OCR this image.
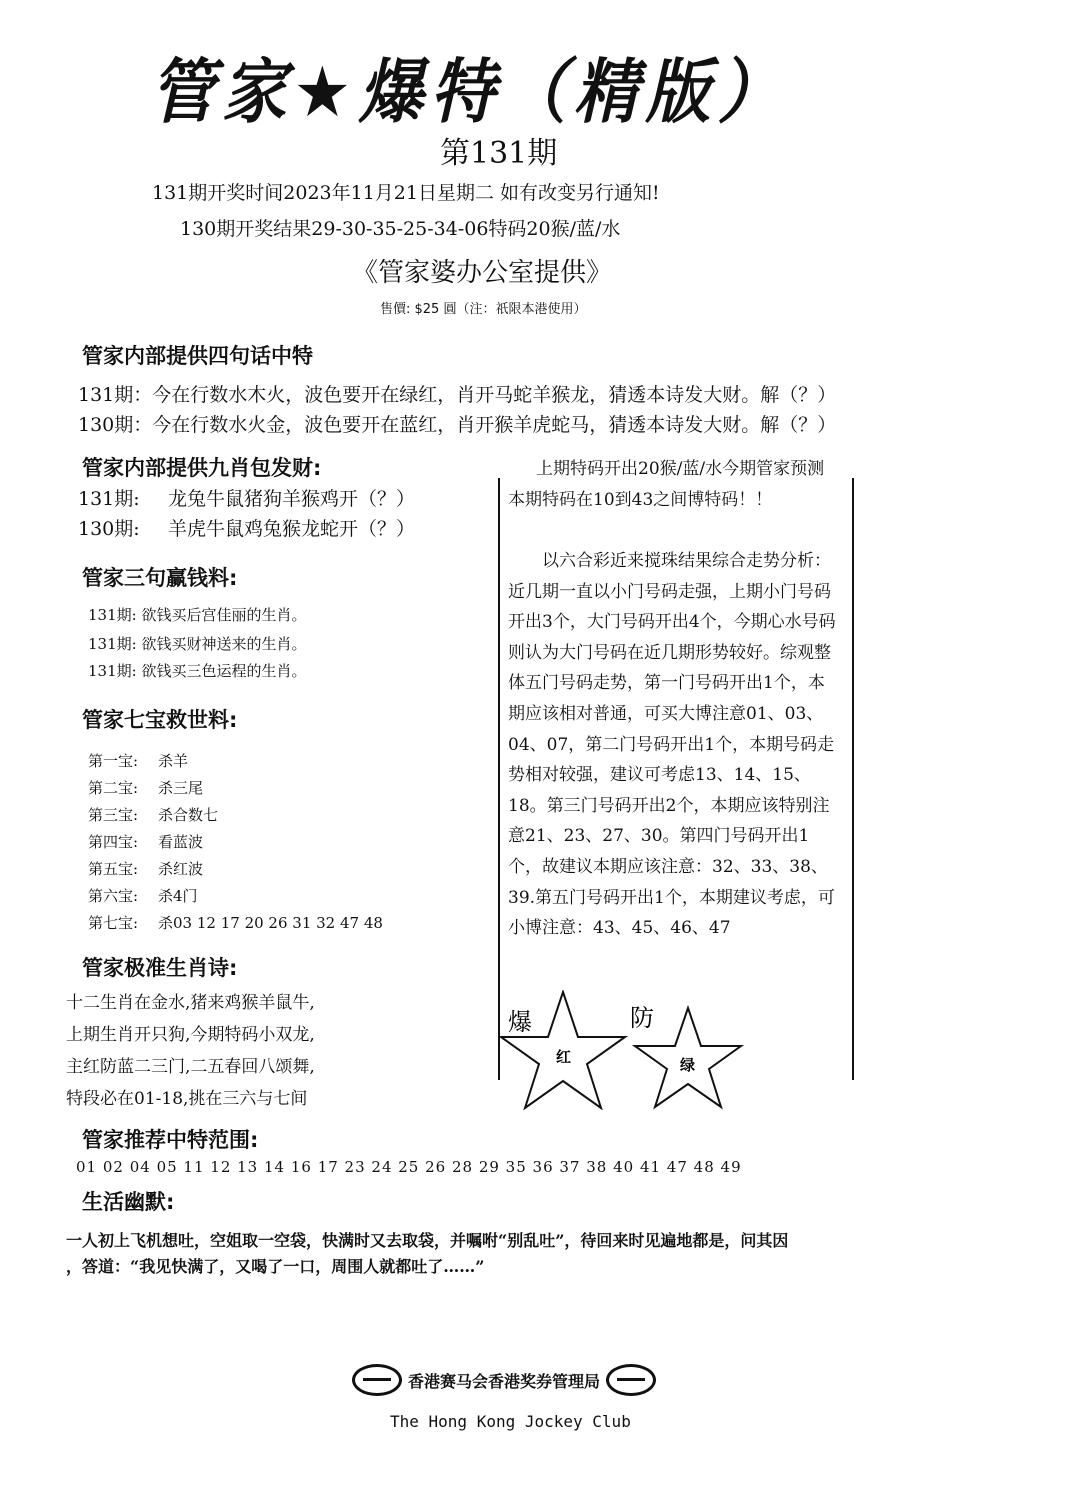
管家★爆特（精版）
第131期
131期开奖时间2023年11月21日星期二 如有改变另行通知!
130期开奖结果29-30-35-25-34-06特码20猴/蓝/水
《管家婆办公室提供》
售價: $25 圓（注：祇限本港使用）
管家内部提供四句话中特
131期：今在行数水木火，波色要开在绿红，肖开马蛇羊猴龙，猜透本诗发大财。解（？）
130期：今在行数水火金，波色要开在蓝红，肖开猴羊虎蛇马，猜透本诗发大财。解（？）
管家内部提供九肖包发财:
131期: 龙兔牛鼠猪狗羊猴鸡开（？）
130期: 羊虎牛鼠鸡兔猴龙蛇开（？）
管家三句赢钱料:
131期: 欲钱买后宫佳丽的生肖。
131期: 欲钱买财神送来的生肖。
131期: 欲钱买三色运程的生肖。
管家七宝救世料:
第一宝: 杀羊
第二宝: 杀三尾
第三宝: 杀合数七
第四宝: 看蓝波
第五宝: 杀红波
第六宝: 杀4门
第七宝: 杀03 12 17 20 26 31 32 47 48
管家极准生肖诗:
十二生肖在金水,猪来鸡猴羊鼠牛,
上期生肖开只狗,今期特码小双龙,
主红防蓝二三门,二五春回八颂舞,
特段必在01-18,挑在三六与七间
上期特码开出20猴/蓝/水今期管家预测本期特码在10到43之间博特码！！
以六合彩近来搅珠结果综合走势分析：近几期一直以小门号码走强，上期小门号码开出3个，大门号码开出4个，今期心水号码则认为大门号码在近几期形势较好。综观整体五门号码走势，第一门号码开出1个，本期应该相对普通，可买大博注意01、03、04、07，第二门号码开出1个，本期号码走势相对较强，建议可考虑13、14、15、18。第三门号码开出2个，本期应该特别注意21、23、27、30。第四门号码开出1个，故建议本期应该注意：32、33、38、39.第五门号码开出1个，本期建议考虑，可小博注意：43、45、46、47
爆	防
红	绿
管家推荐中特范围:
01 02 04 05 11 12 13 14 16 17 23 24 25 26 28 29 35 36 37 38 40 41 47 48 49
生活幽默:
一人初上飞机想吐，空姐取一空袋，快满时又去取袋，并嘱咐“别乱吐”，待回来时见遍地都是，问其因
，答道：“我见快满了，又喝了一口，周围人就都吐了……”
香港赛马会香港奖券管理局
The Hong Kong Jockey Club
